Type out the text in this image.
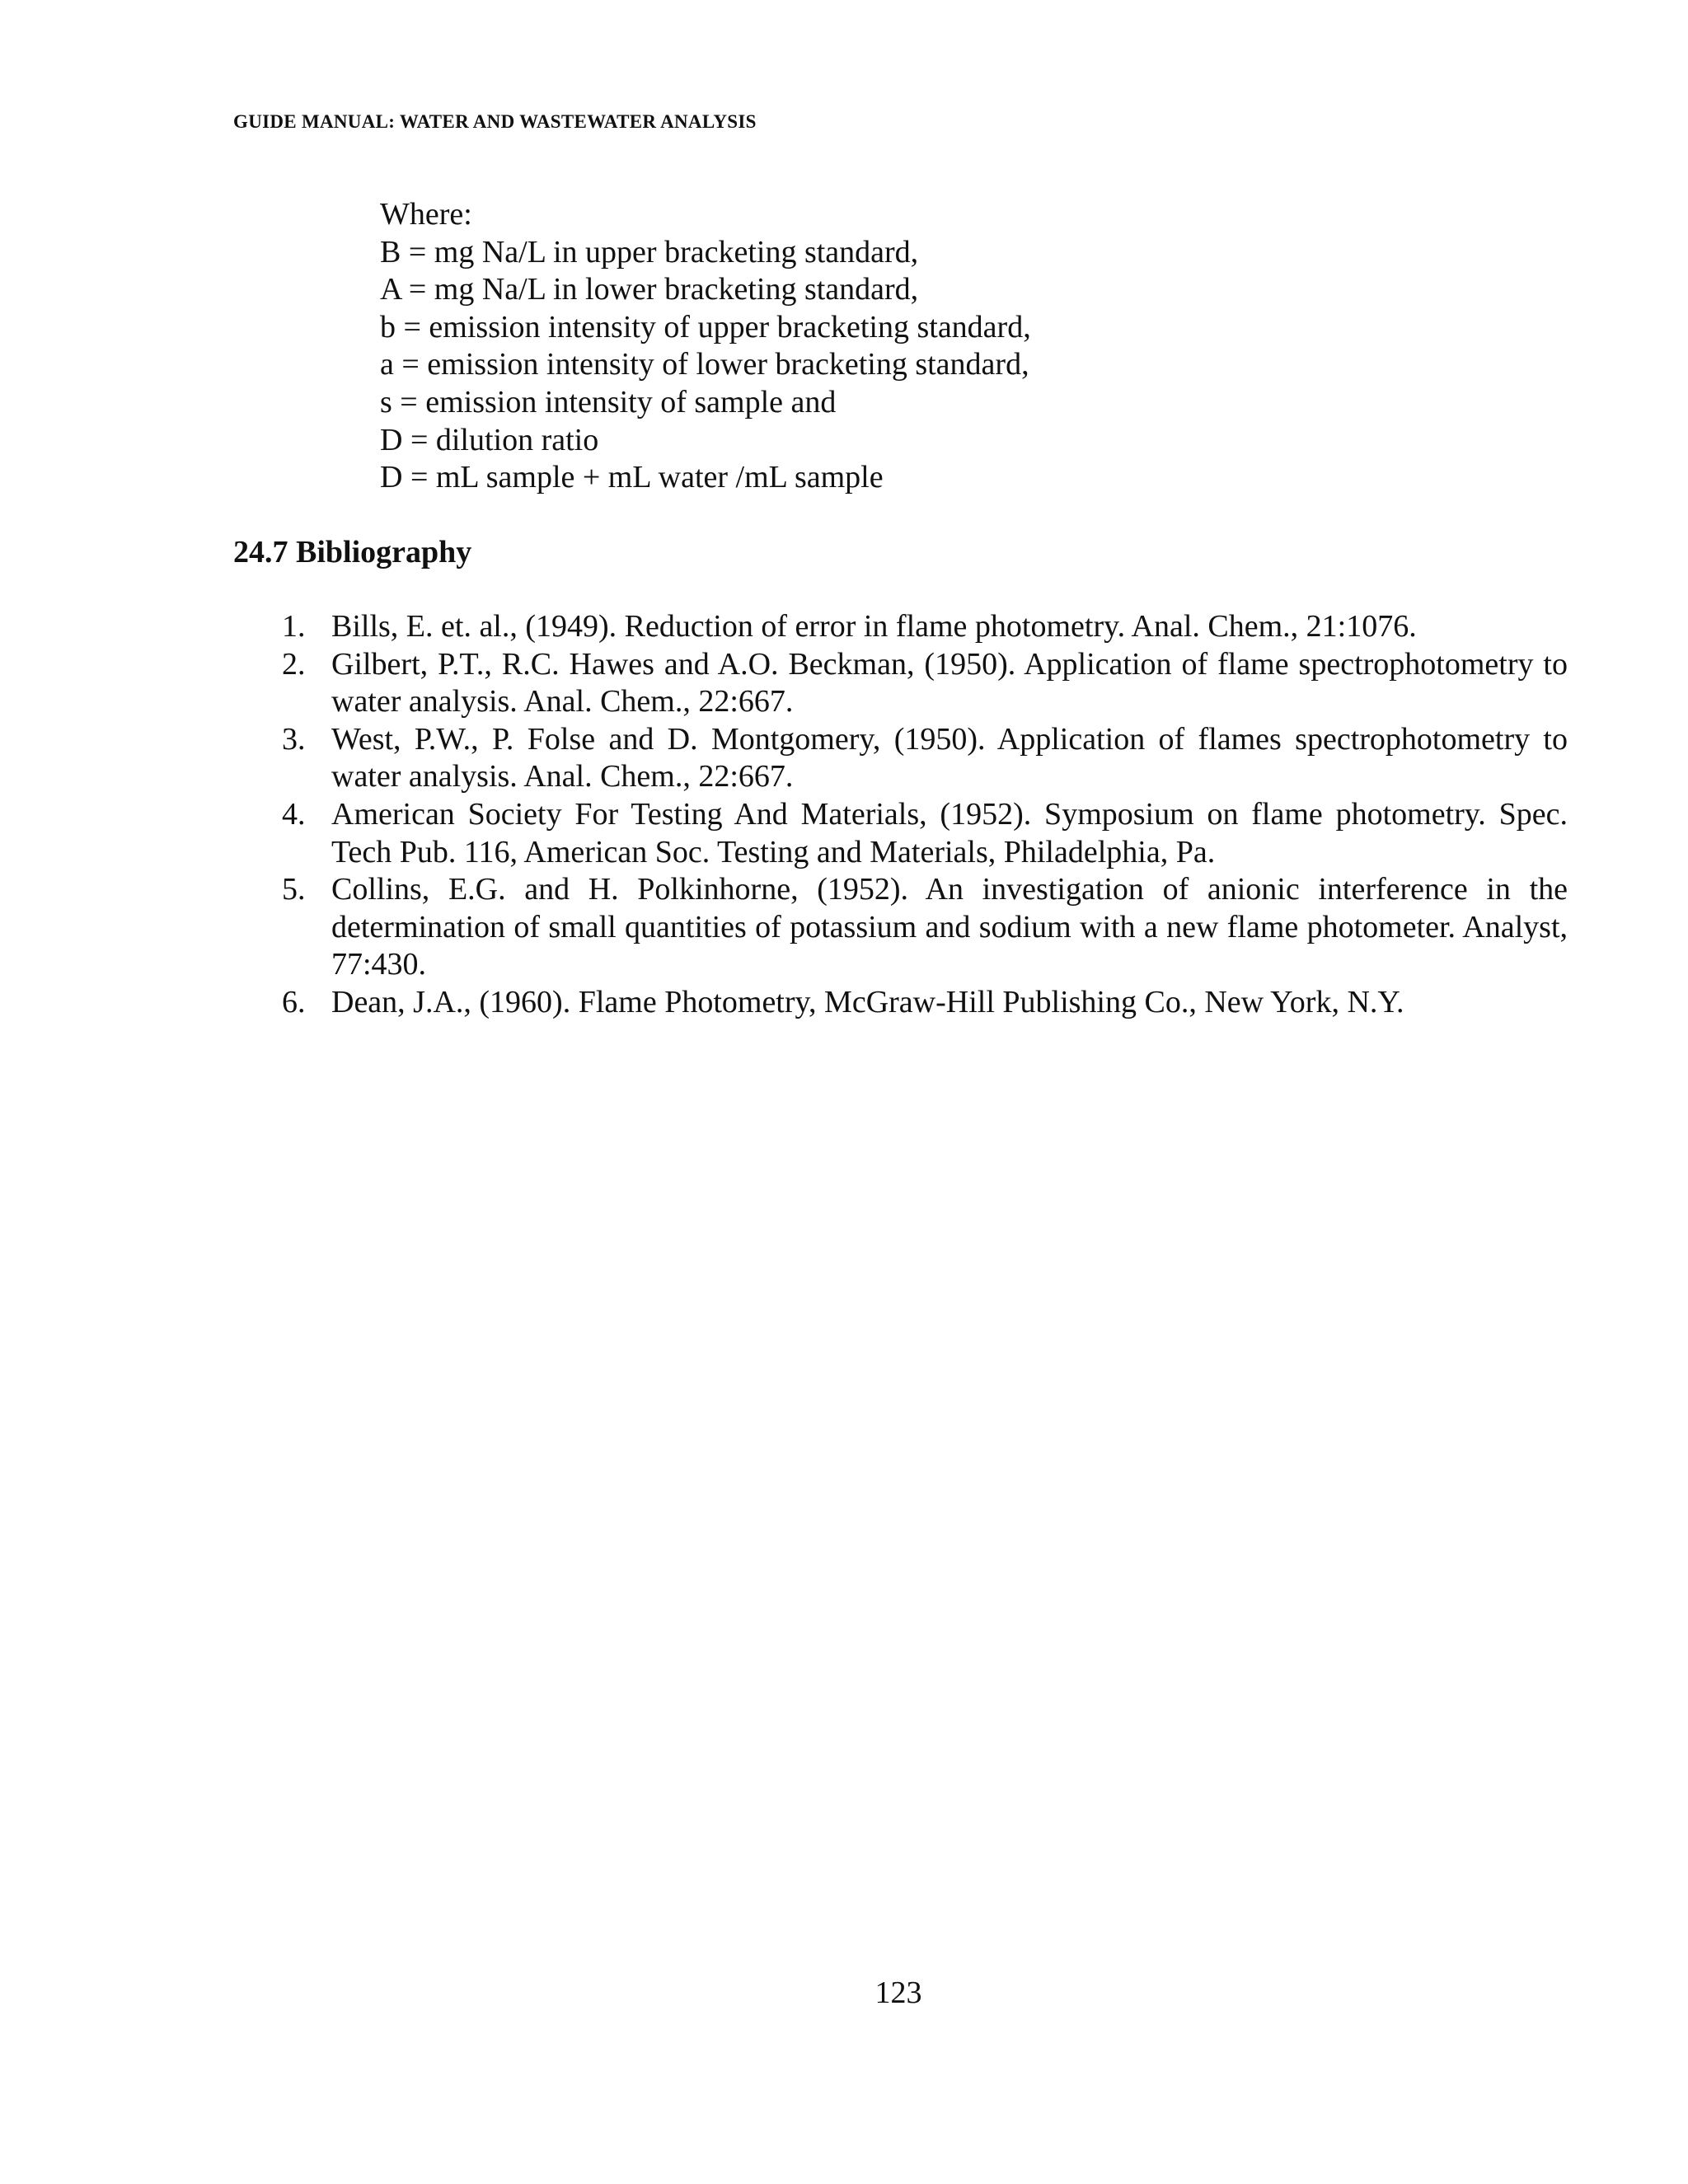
GUIDE MANUAL: WATER AND WASTEWATER ANALYSIS
Where:
B = mg Na/L in upper bracketing standard,
A = mg Na/L in lower bracketing standard,
b = emission intensity of upper bracketing standard,
a = emission intensity of lower bracketing standard,
s = emission intensity of sample and
D = dilution ratio
D = mL sample + mL water /mL sample
24.7 Bibliography
1. Bills, E. et. al., (1949). Reduction of error in flame photometry. Anal. Chem., 21:1076.
2. Gilbert, P.T., R.C. Hawes and A.O. Beckman, (1950). Application of flame spectrophotometry to water analysis. Anal. Chem., 22:667.
3. West, P.W., P. Folse and D. Montgomery, (1950). Application of flames spectrophotometry to water analysis. Anal. Chem., 22:667.
4. American Society For Testing And Materials, (1952). Symposium on flame photometry. Spec. Tech Pub. 116, American Soc. Testing and Materials, Philadelphia, Pa.
5. Collins, E.G. and H. Polkinhorne, (1952). An investigation of anionic interference in the determination of small quantities of potassium and sodium with a new flame photometer. Analyst, 77:430.
6. Dean, J.A., (1960). Flame Photometry, McGraw-Hill Publishing Co., New York, N.Y.
123
